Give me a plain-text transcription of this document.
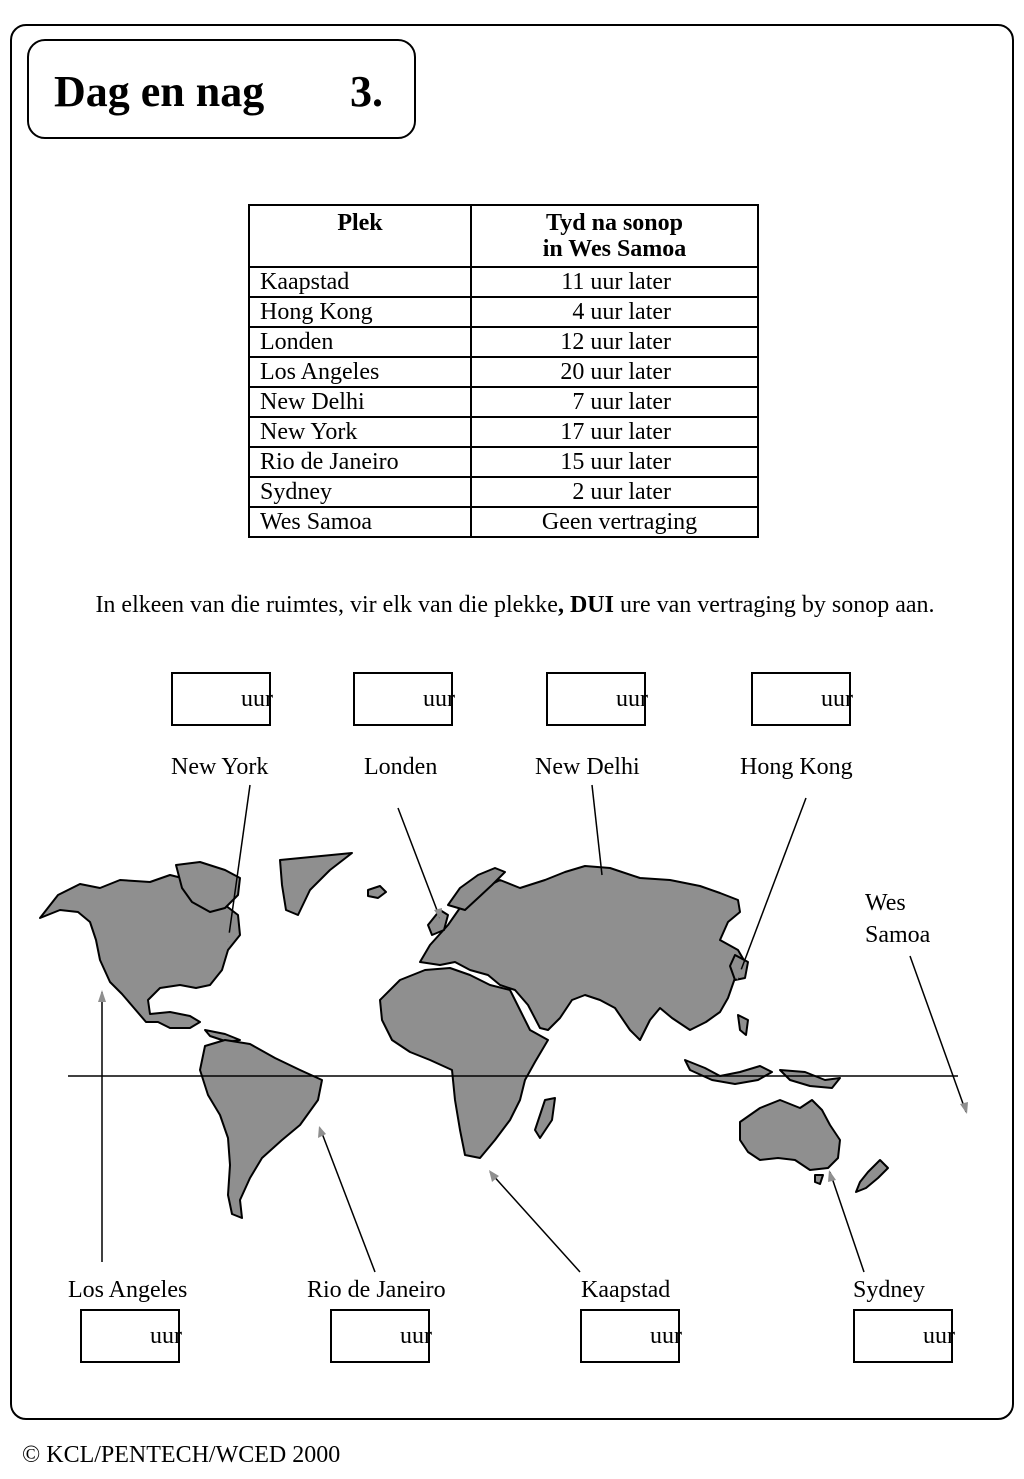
Dag en nag 3.
Plek	Tyd na sonop
in Wes Samoa

Kaapstad	11 uur later
Hong Kong	4 uur later
Londen	12 uur later
Los Angeles	20 uur later
New Delhi	7 uur later
New York	17 uur later
Rio de Janeiro	15 uur later
Sydney	2 uur later
Wes Samoa	Geen vertraging
In elkeen van die ruimtes, vir elk van die plekke, DUI ure van vertraging by sonop aan.
uur	uur	uur	uur
New York	Londen	New Delhi	Hong Kong
Wes
Samoa
Los Angeles	Rio de Janeiro	Kaapstad	Sydney
uur	uur	uur	uur
© KCL/PENTECH/WCED 2000
